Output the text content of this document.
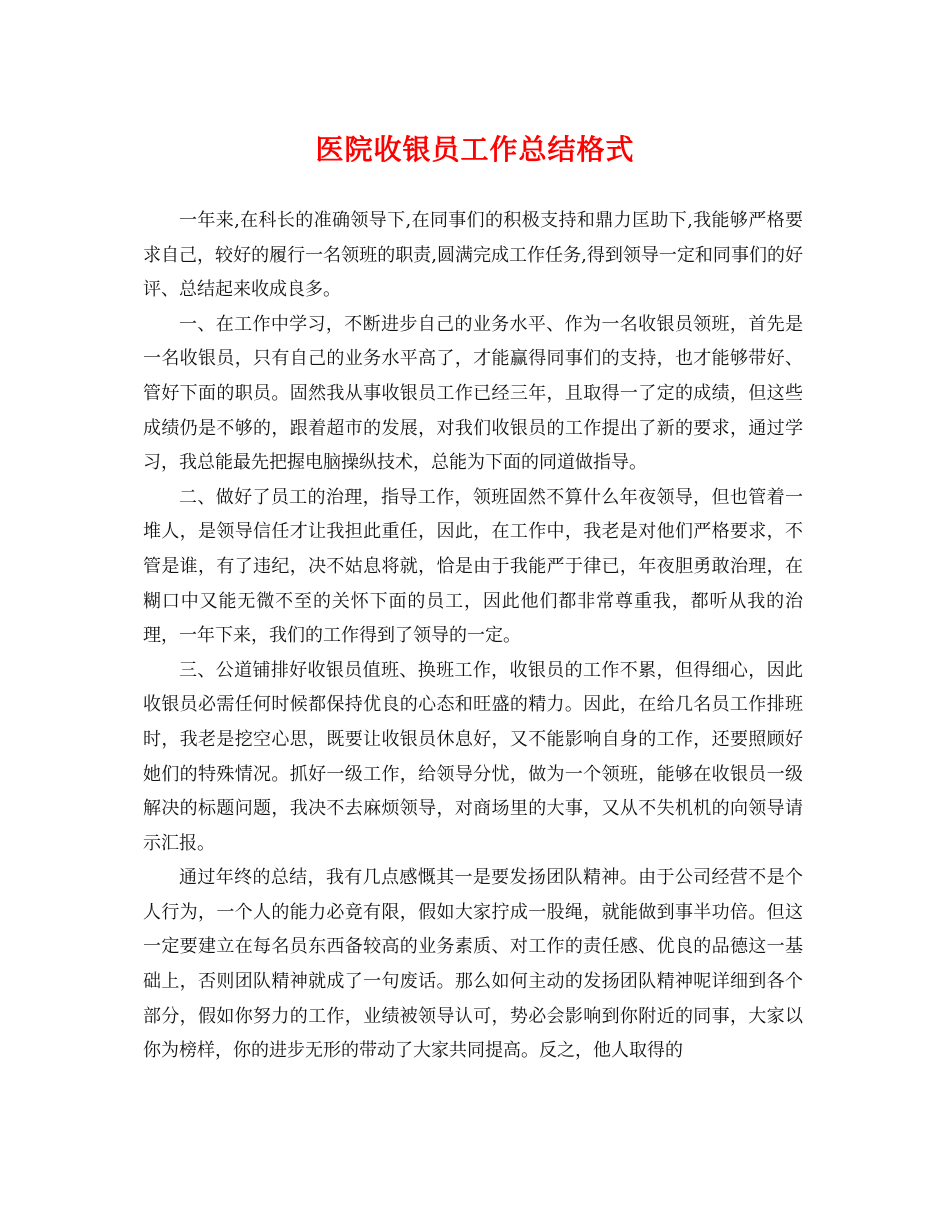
医院收银员工作总结格式

一年来,在科长的准确领导下,在同事们的积极支持和鼎力匡助下,我能够严格要求自己，较好的履行一名领班的职责,圆满完成工作任务,得到领导一定和同事们的好评、总结起来收成良多。

一、在工作中学习，不断进步自己的业务水平、作为一名收银员领班，首先是一名收银员，只有自己的业务水平高了，才能赢得同事们的支持，也才能够带好、管好下面的职员。固然我从事收银员工作已经三年，且取得一了定的成绩，但这些成绩仍是不够的，跟着超市的发展，对我们收银员的工作提出了新的要求，通过学习，我总能最先把握电脑操纵技术，总能为下面的同道做指导。

二、做好了员工的治理，指导工作，领班固然不算什么年夜领导，但也管着一堆人，是领导信任才让我担此重任，因此，在工作中，我老是对他们严格要求，不管是谁，有了违纪，决不姑息将就，恰是由于我能严于律已，年夜胆勇敢治理，在糊口中又能无微不至的关怀下面的员工，因此他们都非常尊重我，都听从我的治理，一年下来，我们的工作得到了领导的一定。

三、公道铺排好收银员值班、换班工作，收银员的工作不累，但得细心，因此收银员必需任何时候都保持优良的心态和旺盛的精力。因此，在给几名员工作排班时，我老是挖空心思，既要让收银员休息好，又不能影响自身的工作，还要照顾好她们的特殊情况。抓好一级工作，给领导分忧，做为一个领班，能够在收银员一级解决的标题问题，我决不去麻烦领导，对商场里的大事，又从不失机机的向领导请示汇报。

通过年终的总结，我有几点感慨其一是要发扬团队精神。由于公司经营不是个人行为，一个人的能力必竟有限，假如大家拧成一股绳，就能做到事半功倍。但这一定要建立在每名员东西备较高的业务素质、对工作的责任感、优良的品德这一基础上，否则团队精神就成了一句废话。那么如何主动的发扬团队精神呢详细到各个部分，假如你努力的工作，业绩被领导认可，势必会影响到你附近的同事，大家以你为榜样，你的进步无形的带动了大家共同提高。反之，他人取得的
